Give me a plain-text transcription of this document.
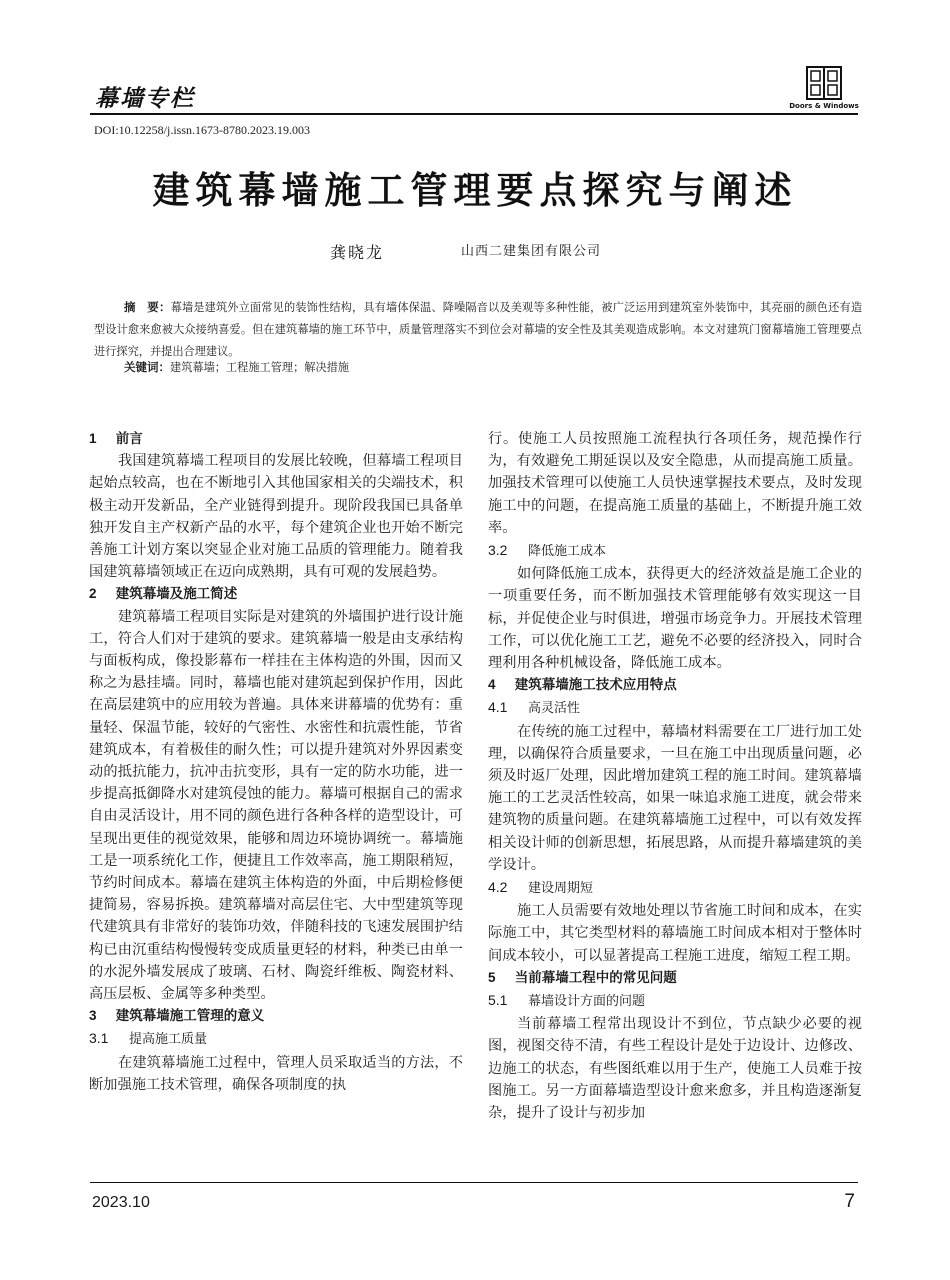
幕墙专栏	Doors & Windows
DOI:10.12258/j.issn.1673-8780.2023.19.003
建筑幕墙施工管理要点探究与阐述
龚晓龙	山西二建集团有限公司

摘　要：幕墙是建筑外立面常见的装饰性结构，具有墙体保温、降噪隔音以及美观等多种性能，被广泛运用到建筑室外装饰中，其亮丽的颜色还有造型设计愈来愈被大众接纳喜爱。但在建筑幕墙的施工环节中，质量管理落实不到位会对幕墙的安全性及其美观造成影响。本文对建筑门窗幕墙施工管理要点进行探究，并提出合理建议。

关键词：建筑幕墙；工程施工管理；解决措施
1 前言
我国建筑幕墙工程项目的发展比较晚，但幕墙工程项目起始点较高，也在不断地引入其他国家相关的尖端技术，积极主动开发新品，全产业链得到提升。现阶段我国已具备单独开发自主产权新产品的水平，每个建筑企业也开始不断完善施工计划方案以突显企业对施工品质的管理能力。随着我国建筑幕墙领域正在迈向成熟期，具有可观的发展趋势。
2 建筑幕墙及施工简述
建筑幕墙工程项目实际是对建筑的外墙围护进行设计施工，符合人们对于建筑的要求。建筑幕墙一般是由支承结构与面板构成，像投影幕布一样挂在主体构造的外围，因而又称之为悬挂墙。同时，幕墙也能对建筑起到保护作用，因此在高层建筑中的应用较为普遍。具体来讲幕墙的优势有：重量轻、保温节能，较好的气密性、水密性和抗震性能，节省建筑成本，有着极佳的耐久性；可以提升建筑对外界因素变动的抵抗能力，抗冲击抗变形，具有一定的防水功能，进一步提高抵御降水对建筑侵蚀的能力。幕墙可根据自己的需求自由灵活设计，用不同的颜色进行各种各样的造型设计，可呈现出更佳的视觉效果，能够和周边环境协调统一。幕墙施工是一项系统化工作，便捷且工作效率高，施工期限稍短，节约时间成本。幕墙在建筑主体构造的外面，中后期检修便捷简易，容易拆换。建筑幕墙对高层住宅、大中型建筑等现代建筑具有非常好的装饰功效，伴随科技的飞速发展围护结构已由沉重结构慢慢转变成质量更轻的材料，种类已由单一的水泥外墙发展成了玻璃、石材、陶瓷纤维板、陶瓷材料、高压层板、金属等多种类型。
3 建筑幕墙施工管理的意义
3.1 提高施工质量
在建筑幕墙施工过程中，管理人员采取适当的方法，不断加强施工技术管理，确保各项制度的执
行。使施工人员按照施工流程执行各项任务，规范操作行为，有效避免工期延误以及安全隐患，从而提高施工质量。加强技术管理可以使施工人员快速掌握技术要点，及时发现施工中的问题，在提高施工质量的基础上，不断提升施工效率。
3.2 降低施工成本
如何降低施工成本，获得更大的经济效益是施工企业的一项重要任务，而不断加强技术管理能够有效实现这一目标，并促使企业与时俱进，增强市场竞争力。开展技术管理工作，可以优化施工工艺，避免不必要的经济投入，同时合理利用各种机械设备，降低施工成本。
4 建筑幕墙施工技术应用特点
4.1 高灵活性
在传统的施工过程中，幕墙材料需要在工厂进行加工处理，以确保符合质量要求，一旦在施工中出现质量问题，必须及时返厂处理，因此增加建筑工程的施工时间。建筑幕墙施工的工艺灵活性较高，如果一味追求施工进度，就会带来建筑物的质量问题。在建筑幕墙施工过程中，可以有效发挥相关设计师的创新思想，拓展思路，从而提升幕墙建筑的美学设计。
4.2 建设周期短
施工人员需要有效地处理以节省施工时间和成本，在实际施工中，其它类型材料的幕墙施工时间成本相对于整体时间成本较小，可以显著提高工程施工进度，缩短工程工期。
5 当前幕墙工程中的常见问题
5.1 幕墙设计方面的问题
当前幕墙工程常出现设计不到位，节点缺少必要的视图，视图交待不清，有些工程设计是处于边设计、边修改、边施工的状态，有些图纸难以用于生产，使施工人员难于按图施工。另一方面幕墙造型设计愈来愈多，并且构造逐渐复杂，提升了设计与初步加
2023.10	7
